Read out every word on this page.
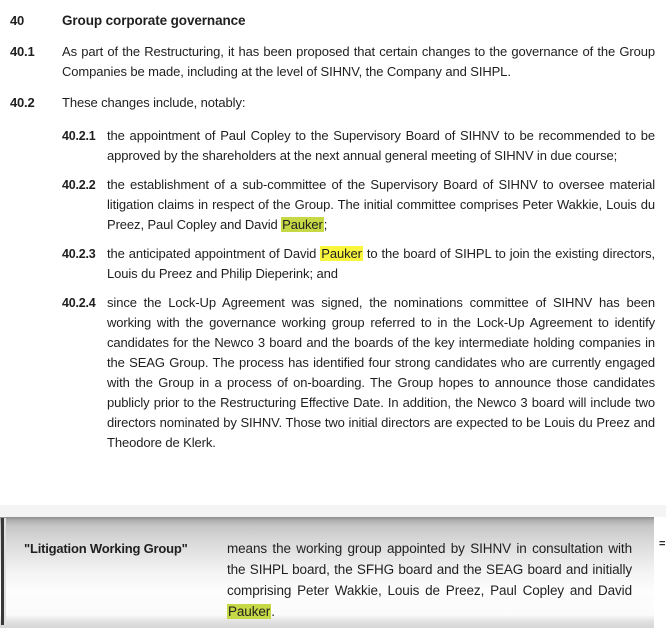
40	Group corporate governance
40.1	As part of the Restructuring, it has been proposed that certain changes to the governance of the Group Companies be made, including at the level of SIHNV, the Company and SIHPL.

40.2	These changes include, notably:

40.2.1 the appointment of Paul Copley to the Supervisory Board of SIHNV to be recommended to be approved by the shareholders at the next annual general meeting of SIHNV in due course;

40.2.2 the establishment of a sub-committee of the Supervisory Board of SIHNV to oversee material litigation claims in respect of the Group. The initial committee comprises Peter Wakkie, Louis du Preez, Paul Copley and David Pauker;

40.2.3 the anticipated appointment of David Pauker to the board of SIHPL to join the existing directors, Louis du Preez and Philip Dieperink; and

40.2.4 since the Lock-Up Agreement was signed, the nominations committee of SIHNV has been working with the governance working group referred to in the Lock-Up Agreement to identify candidates for the Newco 3 board and the boards of the key intermediate holding companies in the SEAG Group. The process has identified four strong candidates who are currently engaged with the Group in a process of on-boarding. The Group hopes to announce those candidates publicly prior to the Restructuring Effective Date. In addition, the Newco 3 board will include two directors nominated by SIHNV. Those two initial directors are expected to be Louis du Preez and Theodore de Klerk.

"Litigation Working Group"	means the working group appointed by SIHNV in consultation with the SIHPL board, the SFHG board and the SEAG board and initially comprising Peter Wakkie, Louis de Preez, Paul Copley and David Pauker.

=
